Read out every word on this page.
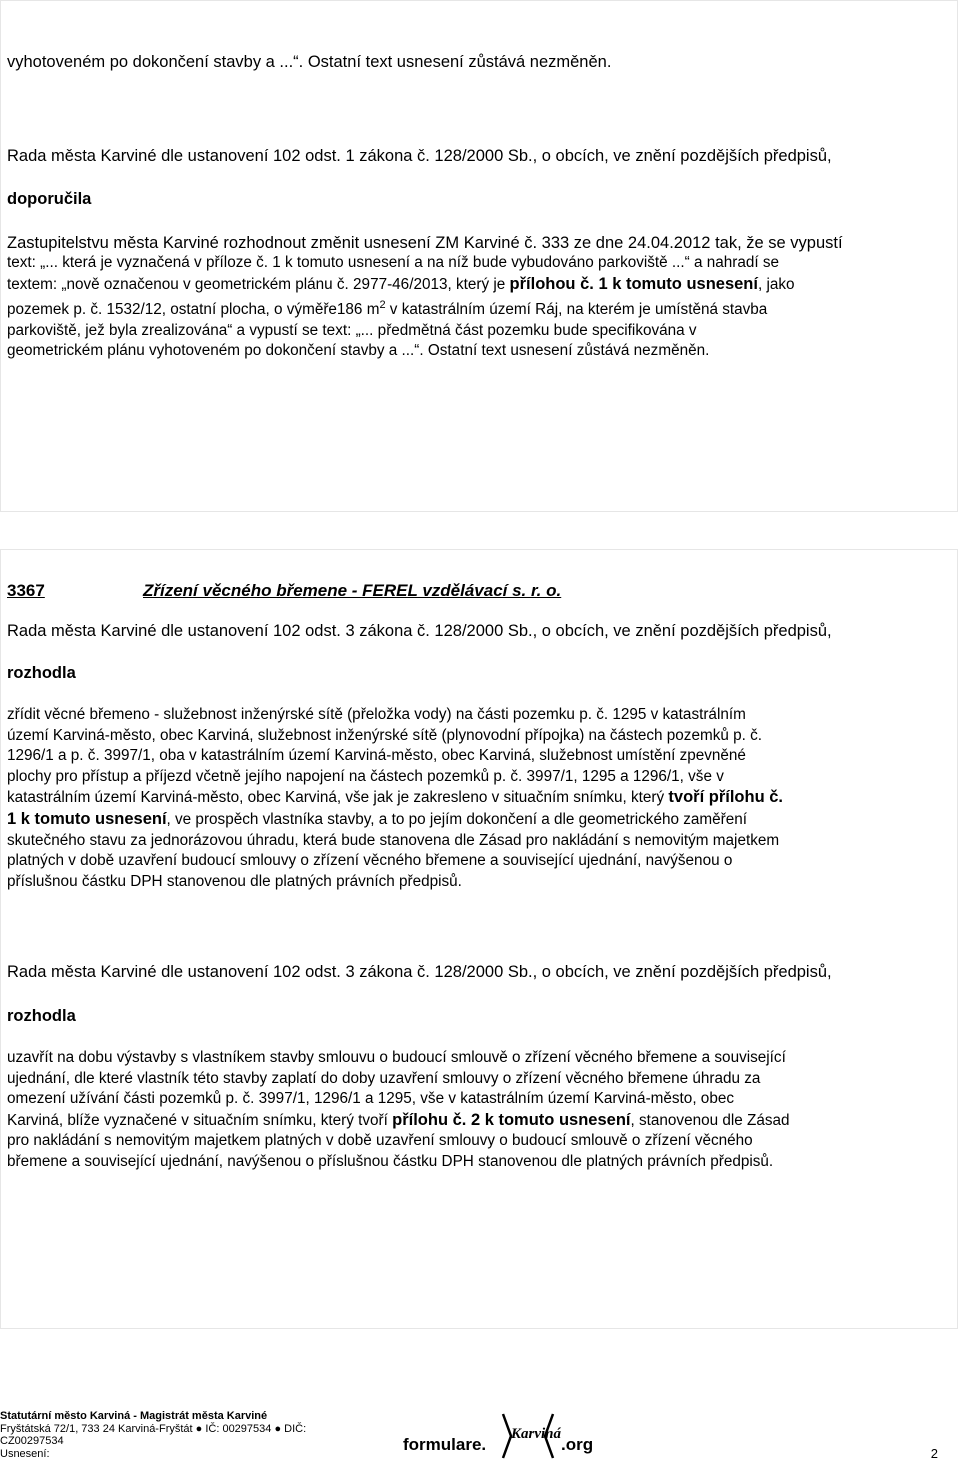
vyhotoveném po dokončení stavby a ...“. Ostatní text usnesení zůstává nezměněn.
Rada města Karviné dle ustanovení 102 odst. 1 zákona č. 128/2000 Sb., o obcích, ve znění pozdějších předpisů,
doporučila
Zastupitelstvu města Karviné rozhodnout změnit usnesení ZM Karviné č. 333 ze dne 24.04.2012 tak, že se vypustí

text: „... která je vyznačená v příloze č. 1 k tomuto usnesení a na níž bude vybudováno parkoviště ...“ a nahradí se

textem: „nově označenou v geometrickém plánu č. 2977-46/2013, který je přílohou č. 1 k tomuto usnesení, jako

pozemek p. č. 1532/12, ostatní plocha, o výměře186 $m^2$ v katastrálním území Ráj, na kterém je umístěná stavba

parkoviště, jež byla zrealizována“ a vypustí se text: „... předmětná část pozemku bude specifikována v

geometrickém plánu vyhotoveném po dokončení stavby a ...“. Ostatní text usnesení zůstává nezměněn.

3367	Zřízení věcného břemene - FEREL vzdělávací s. r. o.
Rada města Karviné dle ustanovení 102 odst. 3 zákona č. 128/2000 Sb., o obcích, ve znění pozdějších předpisů,
rozhodla

zřídit věcné břemeno - služebnost inženýrské sítě (přeložka vody) na části pozemku p. č. 1295 v katastrálním

území Karviná-město, obec Karviná, služebnost inženýrské sítě (plynovodní přípojka) na částech pozemků p. č.

1296/1 a p. č. 3997/1, oba v katastrálním území Karviná-město, obec Karviná, služebnost umístění zpevněné

plochy pro přístup a příjezd včetně jejího napojení na částech pozemků p. č. 3997/1, 1295 a 1296/1, vše v

katastrálním území Karviná-město, obec Karviná, vše jak je zakresleno v situačním snímku, který tvoří přílohu č.

1 k tomuto usnesení, ve prospěch vlastníka stavby, a to po jejím dokončení a dle geometrického zaměření

skutečného stavu za jednorázovou úhradu, která bude stanovena dle Zásad pro nakládání s nemovitým majetkem

platných v době uzavření budoucí smlouvy o zřízení věcného břemene a související ujednání, navýšenou o

příslušnou částku DPH stanovenou dle platných právních předpisů.

Rada města Karviné dle ustanovení 102 odst. 3 zákona č. 128/2000 Sb., o obcích, ve znění pozdějších předpisů,
rozhodla

uzavřít na dobu výstavby s vlastníkem stavby smlouvu o budoucí smlouvě o zřízení věcného břemene a související

ujednání, dle které vlastník této stavby zaplatí do doby uzavření smlouvy o zřízení věcného břemene úhradu za

omezení užívání části pozemků p. č. 3997/1, 1296/1 a 1295, vše v katastrálním území Karviná-město, obec

Karviná, blíže vyznačené v situačním snímku, který tvoří přílohu č. 2 k tomuto usnesení, stanovenou dle Zásad

pro nakládání s nemovitým majetkem platných v době uzavření smlouvy o budoucí smlouvě o zřízení věcného

břemene a související ujednání, navýšenou o příslušnou částku DPH stanovenou dle platných právních předpisů.

Statutární město Karviná - Magistrát města Karviné

Fryštátská 72/1, 733 24 Karviná-Fryštát ● IČ: 00297534 ● DIČ:

CZ00297534

Usnesení:	formulare.
Karviná
.org	2
